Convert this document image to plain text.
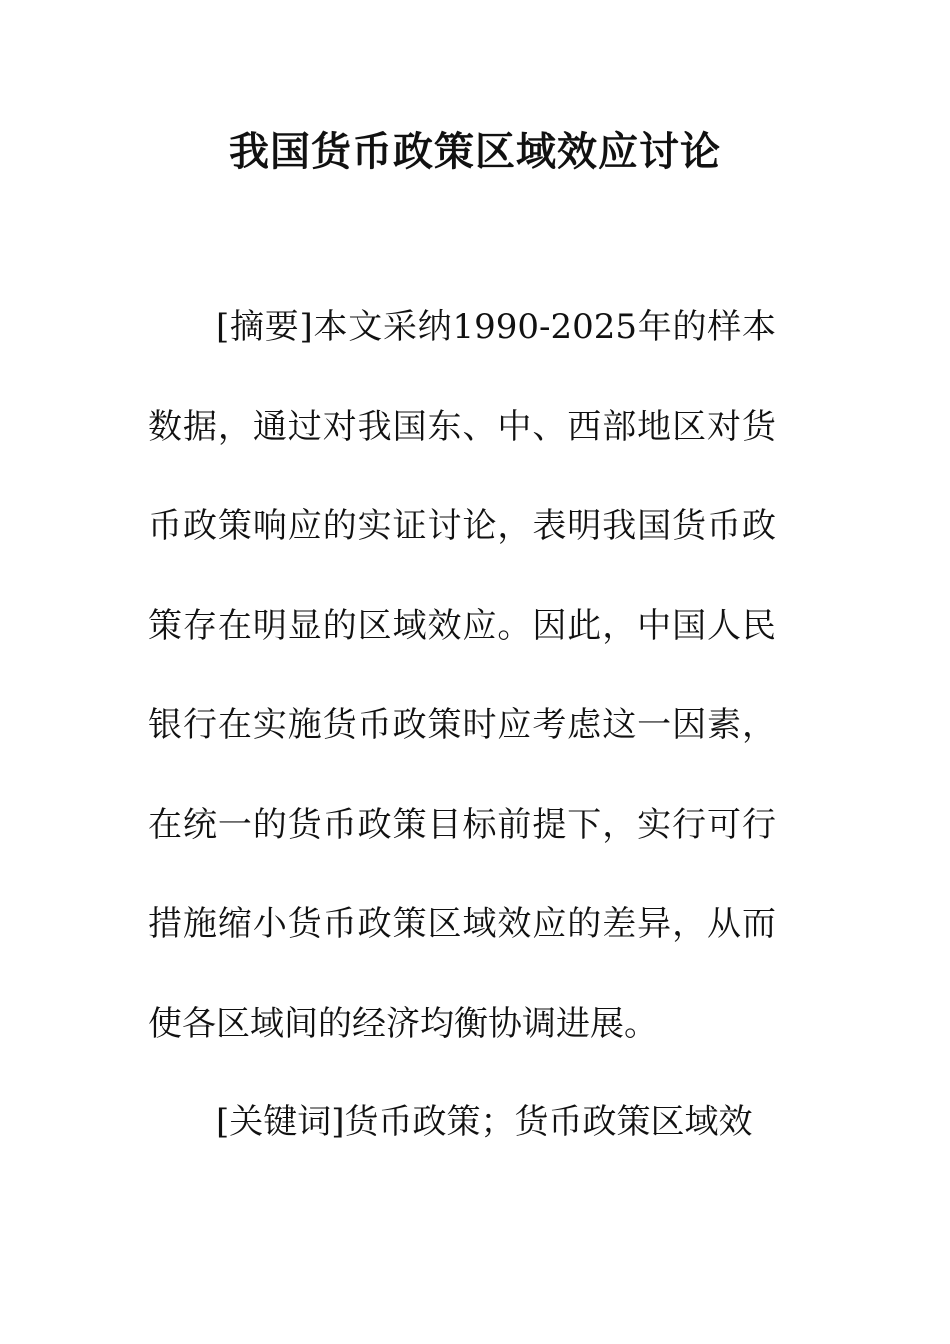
我国货币政策区域效应讨论

[摘要]本文采纳1990-2025年的样本数据，通过对我国东、中、西部地区对货币政策响应的实证讨论，表明我国货币政策存在明显的区域效应。因此，中国人民银行在实施货币政策时应考虑这一因素，在统一的货币政策目标前提下，实行可行措施缩小货币政策区域效应的差异，从而使各区域间的经济均衡协调进展。

[关键词]货币政策；货币政策区域效
